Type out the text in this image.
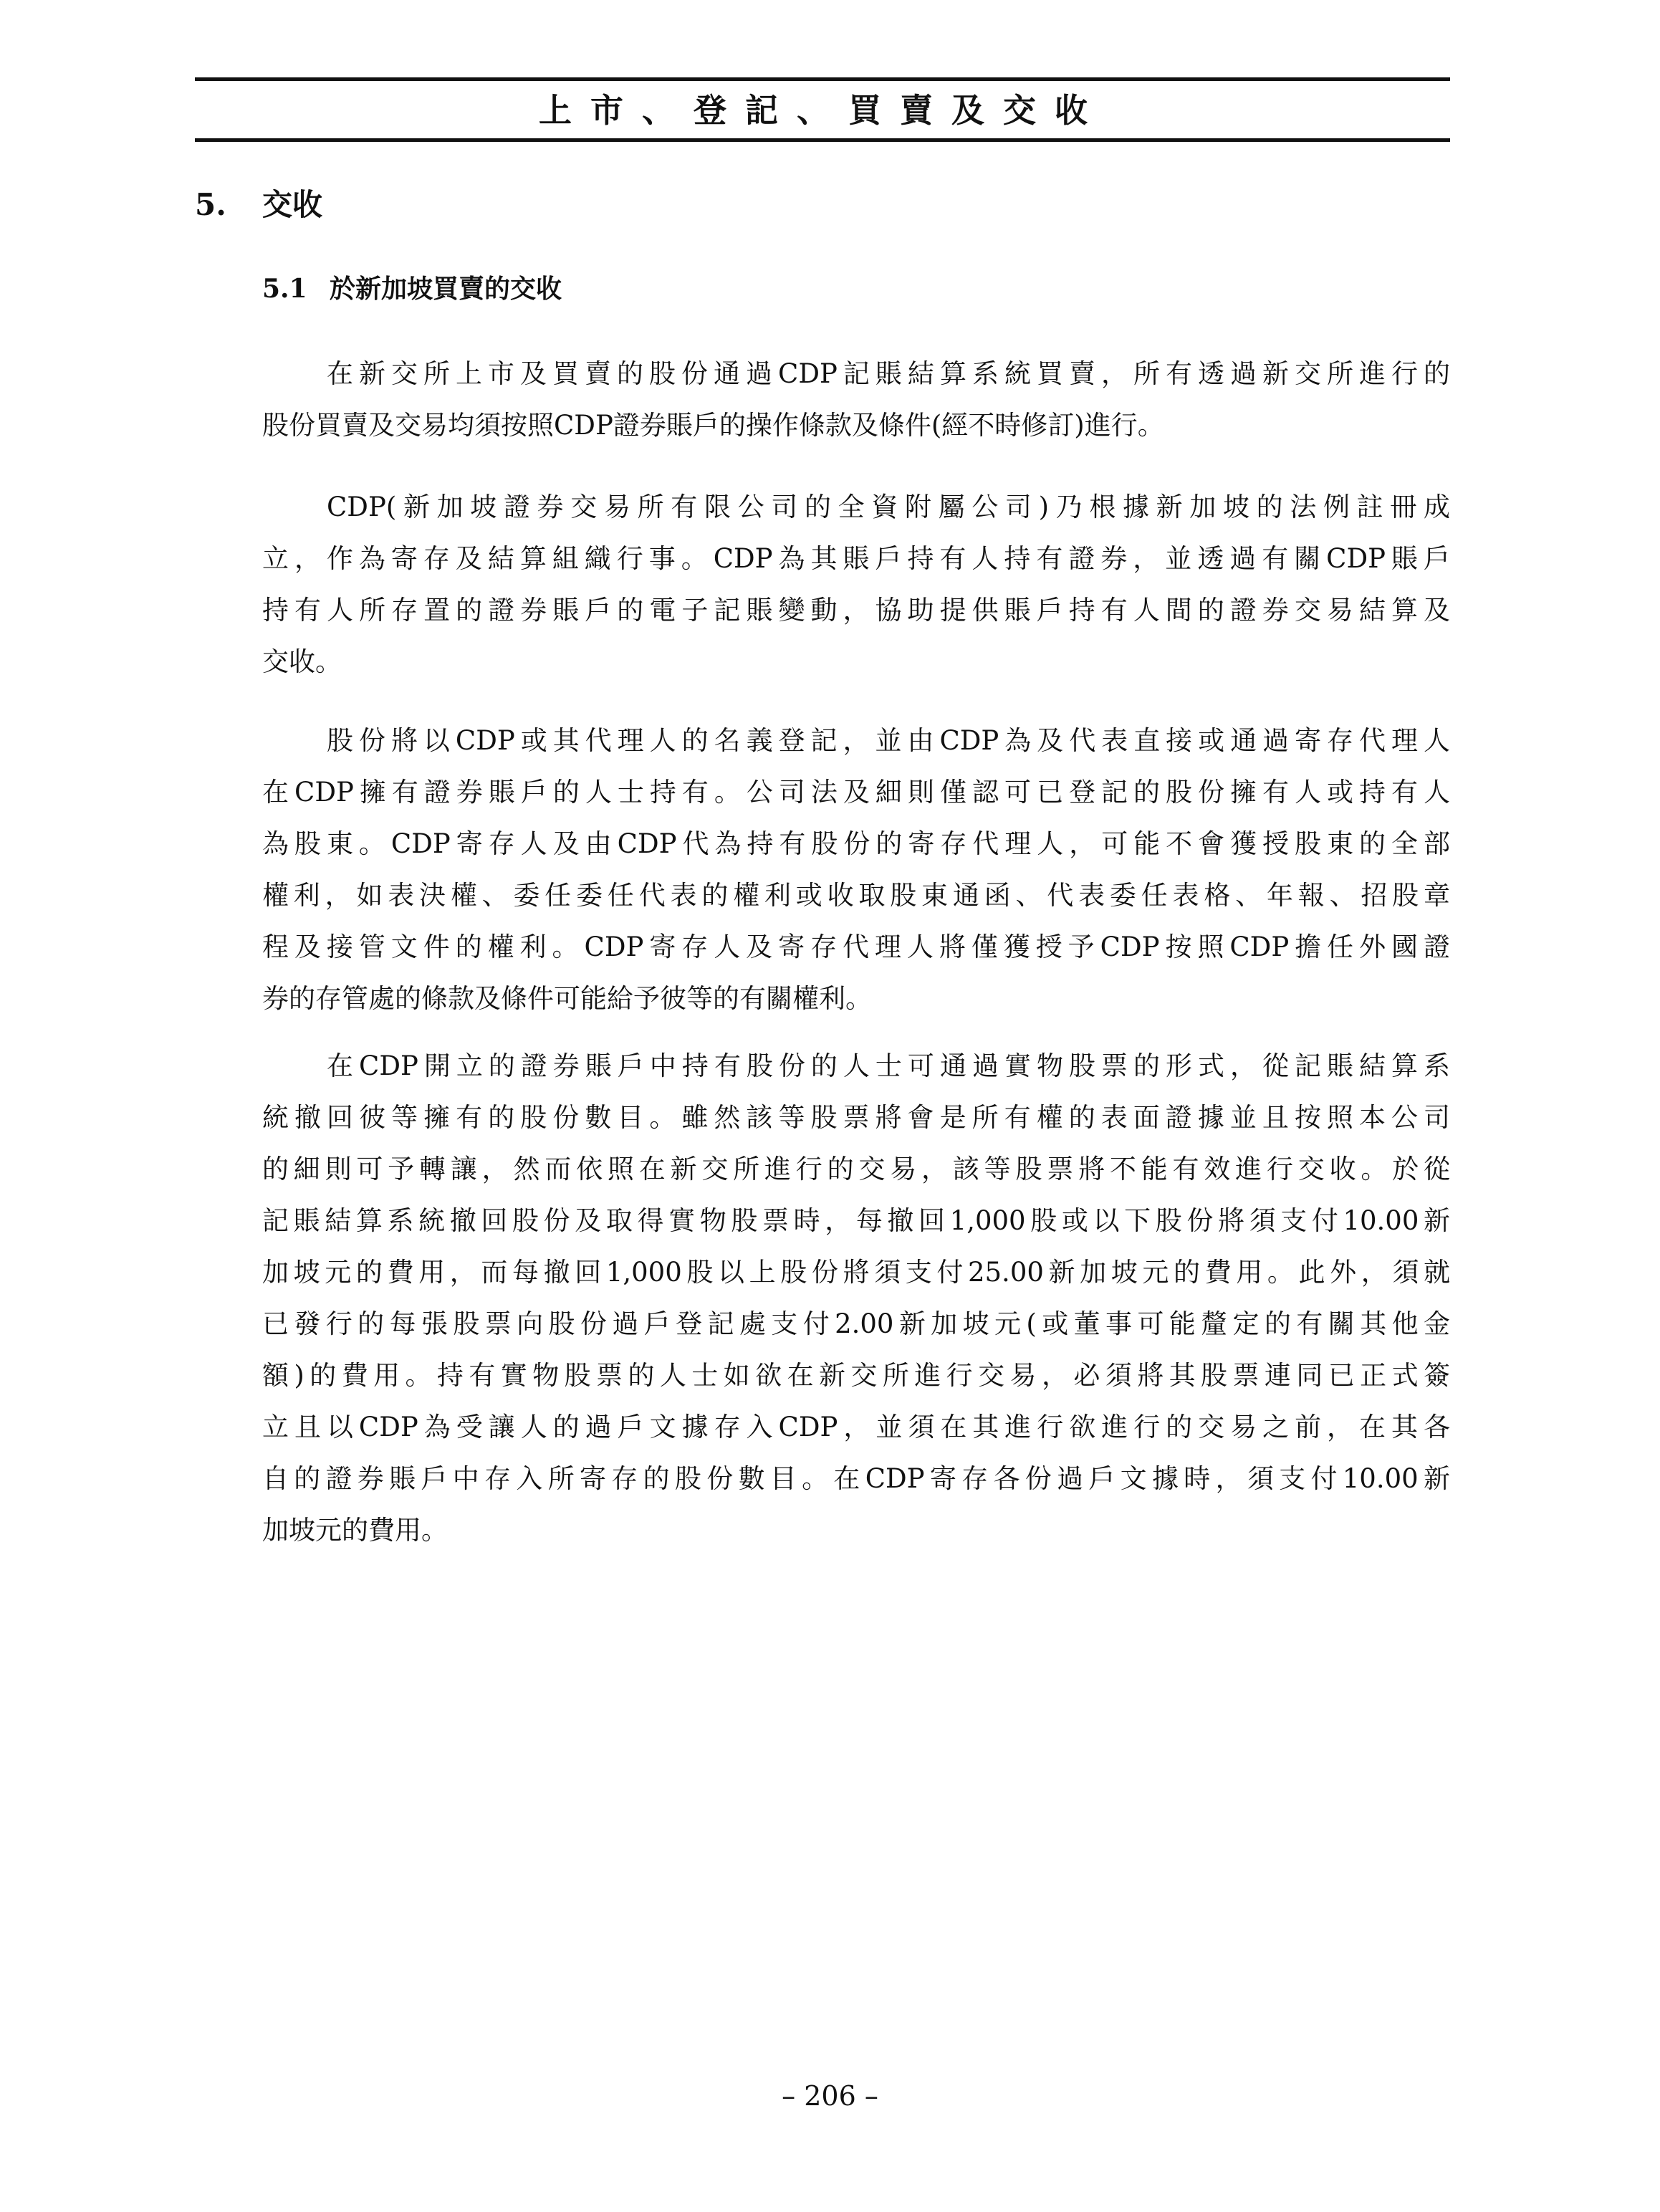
上市、登記、買賣及交收
5. 交收
5.1 於新加坡買賣的交收
在新交所上市及買賣的股份通過CDP記賬結算系統買賣，所有透過新交所進行的
股份買賣及交易均須按照CDP證券賬戶的操作條款及條件(經不時修訂)進行。
CDP(新加坡證券交易所有限公司的全資附屬公司)乃根據新加坡的法例註冊成
立，作為寄存及結算組織行事。CDP為其賬戶持有人持有證券，並透過有關CDP賬戶
持有人所存置的證券賬戶的電子記賬變動，協助提供賬戶持有人間的證券交易結算及
交收。
股份將以CDP或其代理人的名義登記，並由CDP為及代表直接或通過寄存代理人
在CDP擁有證券賬戶的人士持有。公司法及細則僅認可已登記的股份擁有人或持有人
為股東。CDP寄存人及由CDP代為持有股份的寄存代理人，可能不會獲授股東的全部
權利，如表決權、委任委任代表的權利或收取股東通函、代表委任表格、年報、招股章
程及接管文件的權利。CDP寄存人及寄存代理人將僅獲授予CDP按照CDP擔任外國證
券的存管處的條款及條件可能給予彼等的有關權利。
在CDP開立的證券賬戶中持有股份的人士可通過實物股票的形式，從記賬結算系
統撤回彼等擁有的股份數目。雖然該等股票將會是所有權的表面證據並且按照本公司
的細則可予轉讓，然而依照在新交所進行的交易，該等股票將不能有效進行交收。於從
記賬結算系統撤回股份及取得實物股票時，每撤回1,000股或以下股份將須支付10.00新
加坡元的費用，而每撤回1,000股以上股份將須支付25.00新加坡元的費用。此外，須就
已發行的每張股票向股份過戶登記處支付2.00新加坡元(或董事可能釐定的有關其他金
額)的費用。持有實物股票的人士如欲在新交所進行交易，必須將其股票連同已正式簽
立且以CDP為受讓人的過戶文據存入CDP，並須在其進行欲進行的交易之前，在其各
自的證券賬戶中存入所寄存的股份數目。在CDP寄存各份過戶文據時，須支付10.00新
加坡元的費用。
– 206 –
